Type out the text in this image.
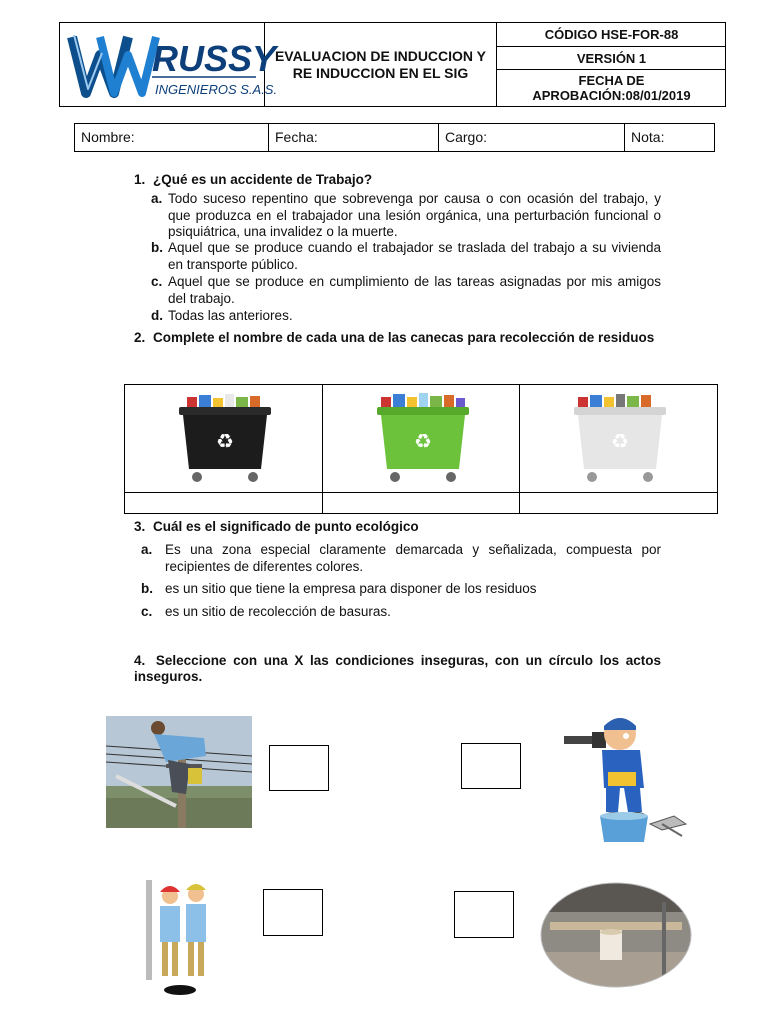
RUSSY
INGENIEROS S.A.S.
EVALUACION DE INDUCCION Y RE INDUCCION EN EL SIG
CÓDIGO HSE-FOR-88
VERSIÓN 1
FECHA DE
APROBACIÓN:08/01/2019
Nombre:	Fecha:	Cargo:	Nota:
1. ¿Qué es un accidente de Trabajo?
a. Todo suceso repentino que sobrevenga por causa o con ocasión del trabajo, y que produzca en el trabajador una lesión orgánica, una perturbación funcional o psiquiátrica, una invalidez o la muerte.
b. Aquel que se produce cuando el trabajador se traslada del trabajo a su vivienda en transporte público.
c. Aquel que se produce en cumplimiento de las tareas asignadas por mis amigos del trabajo.
d. Todas las anteriores.
2. Complete el nombre de cada una de las canecas para recolección de residuos
♻	♻	♻
3. Cuál es el significado de punto ecológico
a. Es una zona especial claramente demarcada y señalizada, compuesta por recipientes de diferentes colores.
b. es un sitio que tiene la empresa para disponer de los residuos
c. es un sitio de recolección de basuras.
4. Seleccione con una X las condiciones inseguras, con un círculo los actos inseguros.
